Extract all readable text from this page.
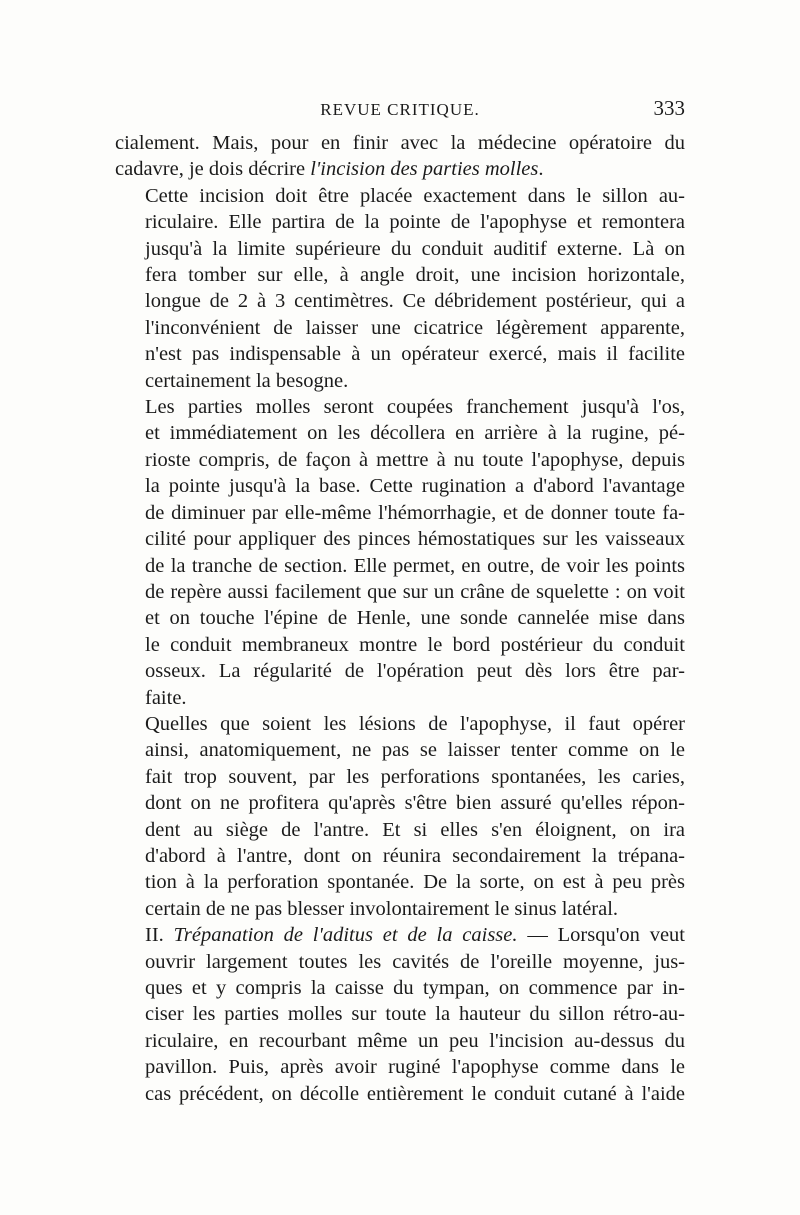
REVUE CRITIQUE.	333

cialement. Mais, pour en finir avec la médecine opératoire du
cadavre, je dois décrire l'incision des parties molles.

Cette incision doit être placée exactement dans le sillon au-
riculaire. Elle partira de la pointe de l'apophyse et remontera
jusqu'à la limite supérieure du conduit auditif externe. Là on
fera tomber sur elle, à angle droit, une incision horizontale,
longue de 2 à 3 centimètres. Ce débridement postérieur, qui a
l'inconvénient de laisser une cicatrice légèrement apparente,
n'est pas indispensable à un opérateur exercé, mais il facilite
certainement la besogne.

Les parties molles seront coupées franchement jusqu'à l'os,
et immédiatement on les décollera en arrière à la rugine, pé-
rioste compris, de façon à mettre à nu toute l'apophyse, depuis
la pointe jusqu'à la base. Cette rugination a d'abord l'avantage
de diminuer par elle-même l'hémorrhagie, et de donner toute fa-
cilité pour appliquer des pinces hémostatiques sur les vaisseaux
de la tranche de section. Elle permet, en outre, de voir les points
de repère aussi facilement que sur un crâne de squelette : on voit
et on touche l'épine de Henle, une sonde cannelée mise dans
le conduit membraneux montre le bord postérieur du conduit
osseux. La régularité de l'opération peut dès lors être par-
faite.

Quelles que soient les lésions de l'apophyse, il faut opérer
ainsi, anatomiquement, ne pas se laisser tenter comme on le
fait trop souvent, par les perforations spontanées, les caries,
dont on ne profitera qu'après s'être bien assuré qu'elles répon-
dent au siège de l'antre. Et si elles s'en éloignent, on ira
d'abord à l'antre, dont on réunira secondairement la trépana-
tion à la perforation spontanée. De la sorte, on est à peu près
certain de ne pas blesser involontairement le sinus latéral.

II. Trépanation de l'aditus et de la caisse. — Lorsqu'on veut
ouvrir largement toutes les cavités de l'oreille moyenne, jus-
ques et y compris la caisse du tympan, on commence par in-
ciser les parties molles sur toute la hauteur du sillon rétro-au-
riculaire, en recourbant même un peu l'incision au-dessus du
pavillon. Puis, après avoir ruginé l'apophyse comme dans le
cas précédent, on décolle entièrement le conduit cutané à l'aide
